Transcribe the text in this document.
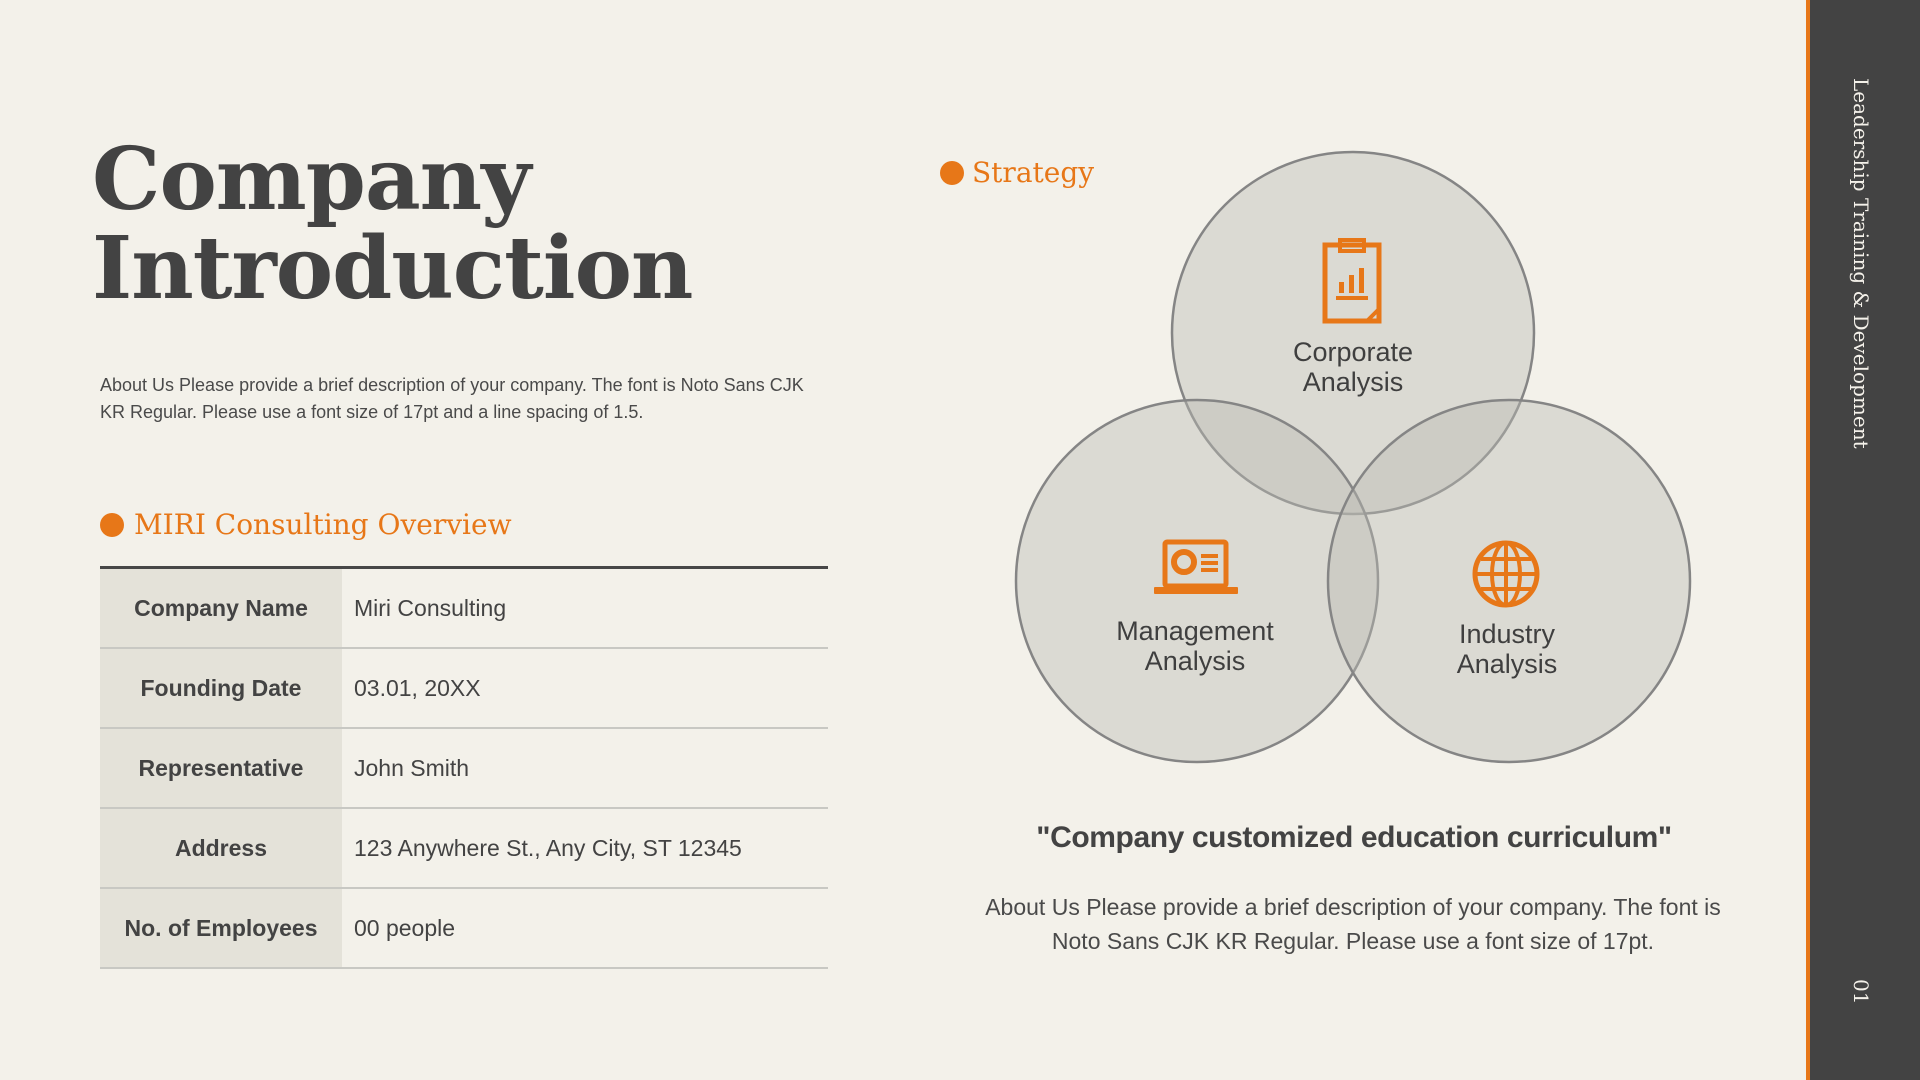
Company
Introduction

About Us Please provide a brief description of your company. The font is Noto Sans CJK KR Regular. Please use a font size of 17pt and a line spacing of 1.5.

MIRI Consulting Overview
Company Name	Miri Consulting
Founding Date	03.01, 20XX
Representative	John Smith
Address	123 Anywhere St., Any City, ST 12345
No. of Employees	00 people
Strategy
Corporate
Analysis
Management
Analysis
Industry
Analysis

"Company customized education curriculum"

About Us Please provide a brief description of your company. The font is Noto Sans CJK KR Regular. Please use a font size of 17pt.

Leadership Training & Development
01
